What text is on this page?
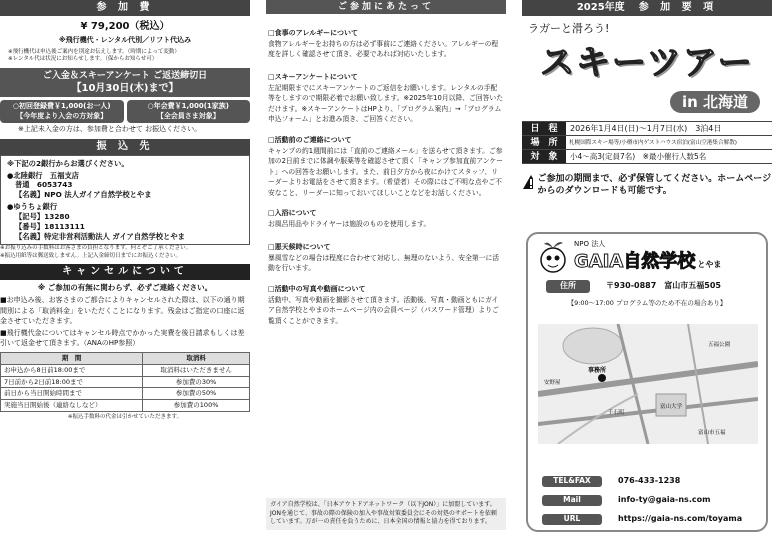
参 加 費
¥ 79,200（税込）
※飛行機代・レンタル代別／リフト代込み
※飛行機代は申込後ご案内を別途お伝えします。（時期によって変動）
※レンタル代は状況にお知らせします。（保からお知らせ可）
ご入金＆スキーアンケート ご返送締切日
【10月30日(木)まで】
○初回登録費￥1,000(お一人)
【今年度より入会の方対象】
○年会費￥1,000(1家族)
【全会員さま対象】
※上記未入金の方は、参加費と合わせて お振込ください。
振 込 先
※下記の2銀行からお選びください。
●北陸銀行　五福支店
普通　6053743
【名義】NPO 法人ガイア自然学校とやま
●ゆうちょ銀行
【記号】13280
【番号】18113111
【名義】特定非営利活動法人 ガイア自然学校とやま
※お振り込みの手数料はお客さまの負担となります。何とぞご了承ください。
※振込用紙等は郵送致しません。上記入金締切日までにお振込ください。
キャンセルについて
※ ご参加の有無に関わらず、必ずご連絡ください。
■お申込み後、お客さまのご都合によりキャンセルされた際は、以下の通り期間別による「取消料金」をいただくことになります。残金はご指定の口座に返金させていただきます。
■飛行機代金についてはキャンセル時点でかかった実費を後日請求もしくは差引いて返金せて頂きます。（ANAのHP参照）
期　間	取消料
お申込から8日前18:00まで	取消料はいただきません
7日前から2日前18:00まで	参加費の30%
前日から当日開始時間まで	参加費の50%
実施当日開始後（連絡なしなど）	参加費の100%
※振込手数料の代金は引かせていただきます。
ご参加にあたって
□食事のアレルギーについて
食物アレルギーをお持ちの方は必ず事前にご連絡ください。アレルギーの程度を詳しく確認させて頂き、必要であれば対応いたします。
□スキーアンケートについて
左記期限までにスキーアンケートのご返信をお願いします。レンタルの手配等をしますので期限必着でお願い致します。※2025年10月以降、ご回答いただけます。※スキーアンケートはHPより、「プログラム案内」→「プログラム申込フォーム」とお進み頂き、ご回答ください。
□活動前のご連絡について
キャンプの約1週間前には「直前のご連絡メール」を送らせて頂きます。ご参加の2日前までに体調や服薬等を確認させて頂く「キャンプ参加直前アンケート」への回答をお願いします。また、前日夕方から夜にかけてスタッフ、リーダーよりお電話をさせて頂きます。（希望者）その際にはご不明な点やご不安なこと、リーダーに知っておいてほしいことなどをお話しください。
□入浴について
お風呂用品やドライヤーは施設のものを使用します。
□悪天候時について
暴風雪などの場合は程度に合わせて対応し、無理のないよう、安全第一に活動を行います。
□活動中の写真や動画について
活動中、写真や動画を撮影させて頂きます。活動後、写真・動画ともにガイア自然学校とやまのホームページ内の会員ページ（パスワード管理）よりご覧頂くことができます。
ガイア自然学校は、「日本アウトドアネットワーク（以下JON）」に加盟しています。JONを通じて、事故の際の保険の加入や事故対策委員会にその対処のサポートを依頼しています。万が一の責任を負うために、日本全国の情報と協力を得ております。
2025年度 参 加 要 項
ラガーと滑ろう!
スキーツアー
in 北海道
日　程	2026年1月4日(日)〜1月7日(水)　3泊4日
場　所	札幌国際スキー場等/小樽市内ゲストハウス宿泊(富山空港集合解散)
対　象	小4〜高3(定員7名)　※最小催行人数5名
ご参加の期間まで、必ず保管してください。ホームページからのダウンロードも可能です。
NPO 法人
GAIA自然学校 とやま
住所	〒930-0887　富山市五福505
【9:00〜17:00 プログラム等のため不在の場合あり】
事務所
富山大学
五福公園
安野屋
千石町
富山市五福
TEL&FAX	076-433-1238
Mail	info-ty@gaia-ns.com
URL	https://gaia-ns.com/toyama
